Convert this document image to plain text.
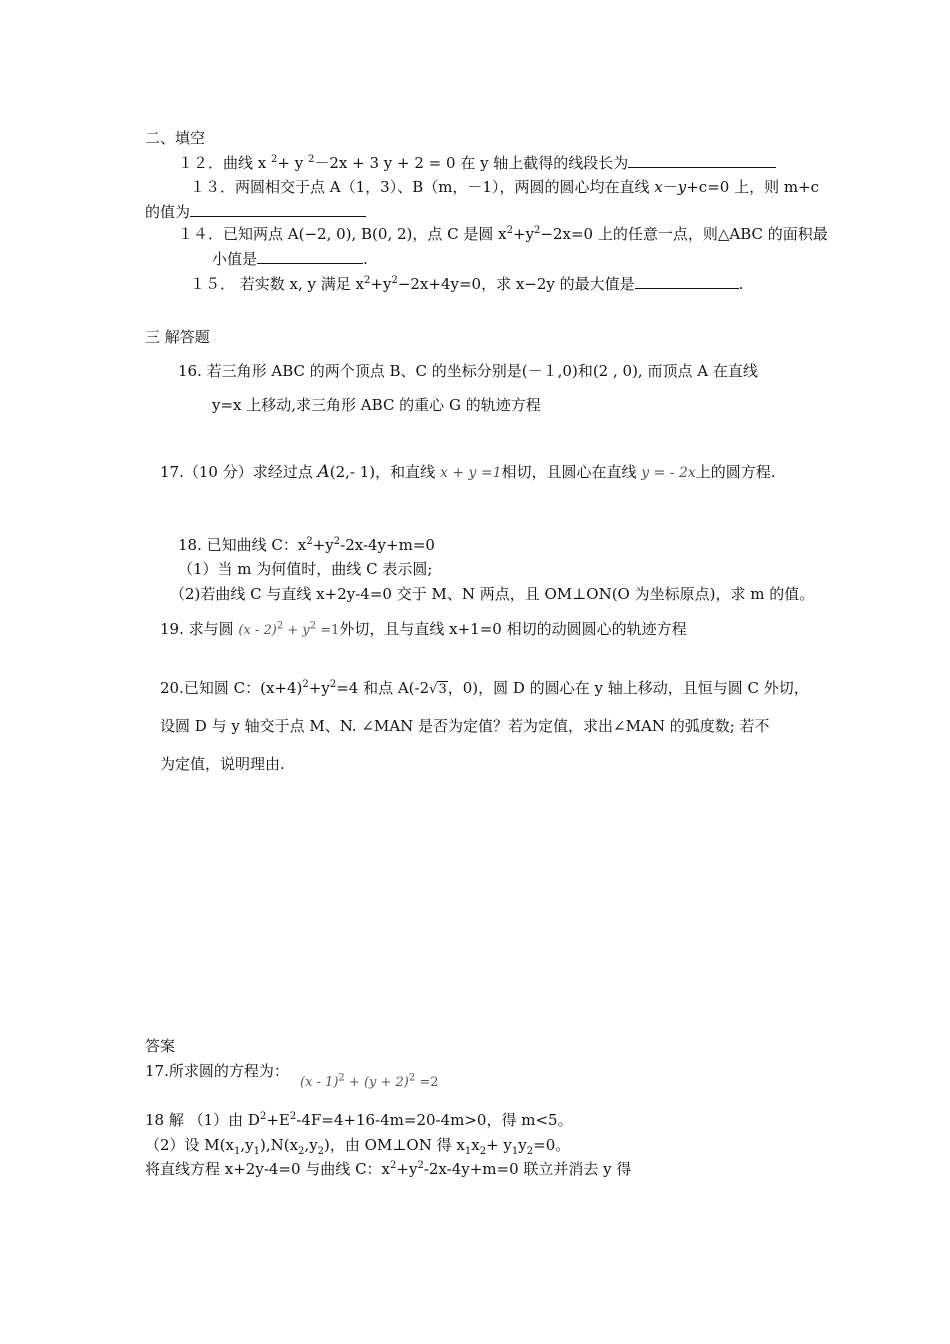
二、填空
１２．曲线 x $^2$+ y $^2$－2x + 3 y + 2 = 0 在 y 轴上截得的线段长为
１３．两圆相交于点 A（1，3）、B（m，－1），两圆的圆心均在直线 x－y+c=0 上，则 m+c
的值为
１４．已知两点 A(−2, 0), B(0, 2)，点 C 是圆 $x^2+y^2-2x=0$ 上的任意一点，则△ABC 的面积最
小值是	.
１５． 若实数 x, y 满足 $x^2+y^2-2x+4y=0$，求 x−2y 的最大值是	.
三 解答题
16. 若三角形 ABC 的两个顶点 B、C 的坐标分别是(－１,0)和(2 , 0), 而顶点 A 在直线
y=x 上移动,求三角形 ABC 的重心 G 的轨迹方程
17.（10 分）求经过点 A(2,- 1)，和直线 x + y =1相切，且圆心在直线 y = - 2x上的圆方程.
18. 已知曲线 C：$x^2+y^2-2x-4y+m=0$
（1）当 m 为何值时，曲线 C 表示圆;
（2)若曲线 C 与直线 x+2y-4=0 交于 M、N 两点，且 OM⊥ON(O 为坐标原点)，求 m 的值。
19. 求与圆 $(x - 2)^2 + y^2 =1$外切，且与直线 x+1=0 相切的动圆圆心的轨迹方程
20.已知圆 C：$(x+4)^2+y^2=4$ 和点 A(-2√3，0)，圆 D 的圆心在 y 轴上移动，且恒与圆 C 外切，
设圆 D 与 y 轴交于点 M、N. ∠MAN 是否为定值？若为定值，求出∠MAN 的弧度数; 若不
为定值，说明理由.
答案
17.所求圆的方程为：
$(x - 1)^2 + (y + 2)^2 =2$
18 解 （1）由 $D^2+E^2-4F=4+16-4m=20-4m>0$，得 m<5。
（2）设 $M(x_1,y_1),N(x_2,y_2)$，由 OM⊥ON 得 $x_1x_2+ y_1y_2=0$。
将直线方程 x+2y-4=0 与曲线 C：$x^2+y^2-2x-4y+m=0$ 联立并消去 y 得
